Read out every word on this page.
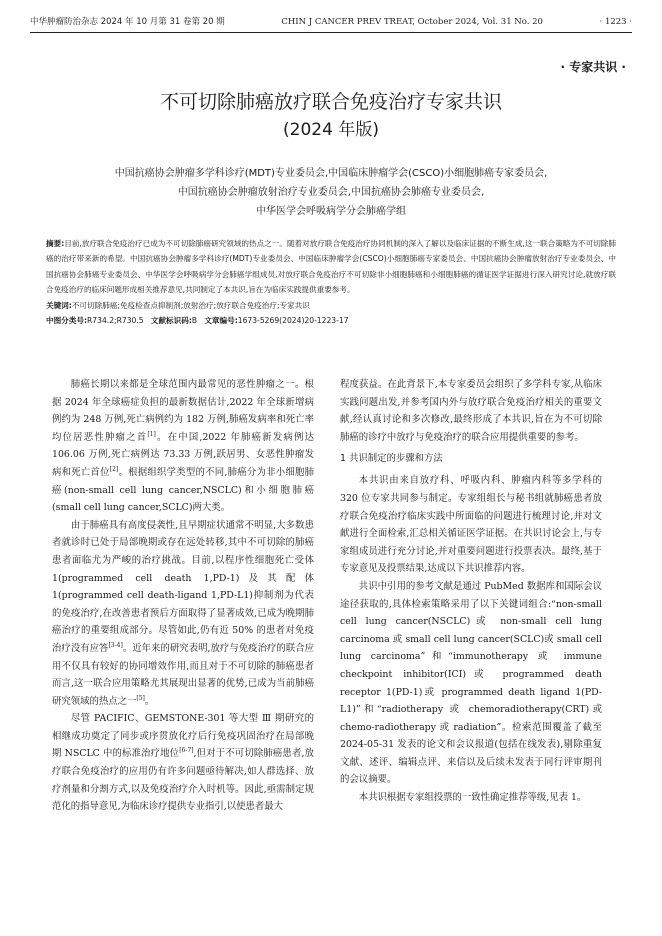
中华肿瘤防治杂志 2024 年 10 月第 31 卷第 20 期	CHIN J CANCER PREV TREAT, October 2024, Vol. 31 No. 20	· 1223 ·
· 专家共识 ·
不可切除肺癌放疗联合免疫治疗专家共识
(2024 年版)
中国抗癌协会肿瘤多学科诊疗(MDT)专业委员会,中国临床肿瘤学会(CSCO)小细胞肺癌专家委员会,
中国抗癌协会肿瘤放射治疗专业委员会,中国抗癌协会肺癌专业委员会,
中华医学会呼吸病学分会肺癌学组

摘要:目前,放疗联合免疫治疗已成为不可切除肺癌研究领域的热点之一。随着对放疗联合免疫治疗协同机制的深入了解以及临床证据的不断生成,这一联合策略为不可切除肺癌的治疗带来新的希望。中国抗癌协会肿瘤多学科诊疗(MDT)专业委员会、中国临床肿瘤学会(CSCO)小细胞肺癌专家委员会、中国抗癌协会肿瘤放射治疗专业委员会、中国抗癌协会肺癌专业委员会、中华医学会呼吸病学分会肺癌学组成员,对放疗联合免疫治疗不可切除非小细胞肺癌和小细胞肺癌的循证医学证据进行深入研究讨论,就放疗联合免疫治疗的临床问题形成相关推荐意见,共同制定了本共识,旨在为临床实践提供重要参考。

关键词:不可切除肺癌;免疫检查点抑制剂;放射治疗;放疗联合免疫治疗;专家共识

中图分类号:R734.2;R730.5 文献标识码:B 文章编号:1673-5269(2024)20-1223-17

肺癌长期以来都是全球范围内最常见的恶性肿瘤之一。根据 2024 年全球癌症负担的最新数据估计,2022 年全球新增病例约为 248 万例,死亡病例约为 182 万例,肺癌发病率和死亡率均位居恶性肿瘤之首[1]。在中国,2022 年肺癌新发病例达 106.06 万例,死亡病例达 73.33 万例,跃居男、女恶性肿瘤发病和死亡首位[2]。根据组织学类型的不同,肺癌分为非小细胞肺癌(non-small cell lung cancer,NSCLC)和小细胞肺癌(small cell lung cancer,SCLC)两大类。

由于肺癌具有高度侵袭性,且早期症状通常不明显,大多数患者就诊时已处于局部晚期或存在远处转移,其中不可切除的肺癌患者面临尤为严峻的治疗挑战。目前,以程序性细胞死亡受体 1(programmed cell death 1,PD-1)及其配体 1(programmed cell death-ligand 1,PD-L1)抑制剂为代表的免疫治疗,在改善患者预后方面取得了显著成效,已成为晚期肺癌治疗的重要组成部分。尽管如此,仍有近 50% 的患者对免疫治疗没有应答[3-4]。近年来的研究表明,放疗与免疫治疗的联合应用不仅具有较好的协同增效作用,而且对于不可切除的肺癌患者而言,这一联合应用策略尤其展现出显著的优势,已成为当前肺癌研究领域的热点之一[5]。

尽管 PACIFIC、GEMSTONE-301 等大型 Ⅲ 期研究的相继成功奠定了同步或序贯放化疗后行免疫巩固治疗在局部晚期 NSCLC 中的标准治疗地位[6-7],但对于不可切除肺癌患者,放疗联合免疫治疗的应用仍有许多问题亟待解决,如人群选择、放疗剂量和分割方式,以及免疫治疗介入时机等。因此,亟需制定规范化的指导意见,为临床诊疗提供专业指引,以使患者最大

程度获益。在此背景下,本专家委员会组织了多学科专家,从临床实践问题出发,并参考国内外与放疗联合免疫治疗相关的重要文献,经认真讨论和多次修改,最终形成了本共识,旨在为不可切除肺癌的诊疗中放疗与免疫治疗的联合应用提供重要的参考。

1 共识制定的步骤和方法

本共识由来自放疗科、呼吸内科、肿瘤内科等多学科的 320 位专家共同参与制定。专家组组长与秘书组就肺癌患者放疗联合免疫治疗临床实践中所面临的问题进行梳理讨论,并对文献进行全面检索,汇总相关循证医学证据。在共识讨论会上,与专家组成员进行充分讨论,并对重要问题进行投票表决。最终,基于专家意见及投票结果,达成以下共识推荐内容。

共识中引用的参考文献是通过 PubMed 数据库和国际会议途径获取的,具体检索策略采用了以下关键词组合:“non-small cell lung cancer(NSCLC)或 non-small cell lung carcinoma 或 small cell lung cancer(SCLC)或 small cell lung carcinoma”和“immunotherapy 或 immune checkpoint inhibitor(ICI)或 programmed death receptor 1(PD-1)或 programmed death ligand 1(PD-L1)”和“radiotherapy 或 chemoradiotherapy(CRT)或 chemo-radiotherapy 或 radiation”。检索范围覆盖了截至 2024-05-31 发表的论文和会议报道(包括在线发表),剔除重复文献、述评、编辑点评、来信以及后续未发表于同行评审期刊的会议摘要。

本共识根据专家组投票的一致性确定推荐等级,见表 1。
